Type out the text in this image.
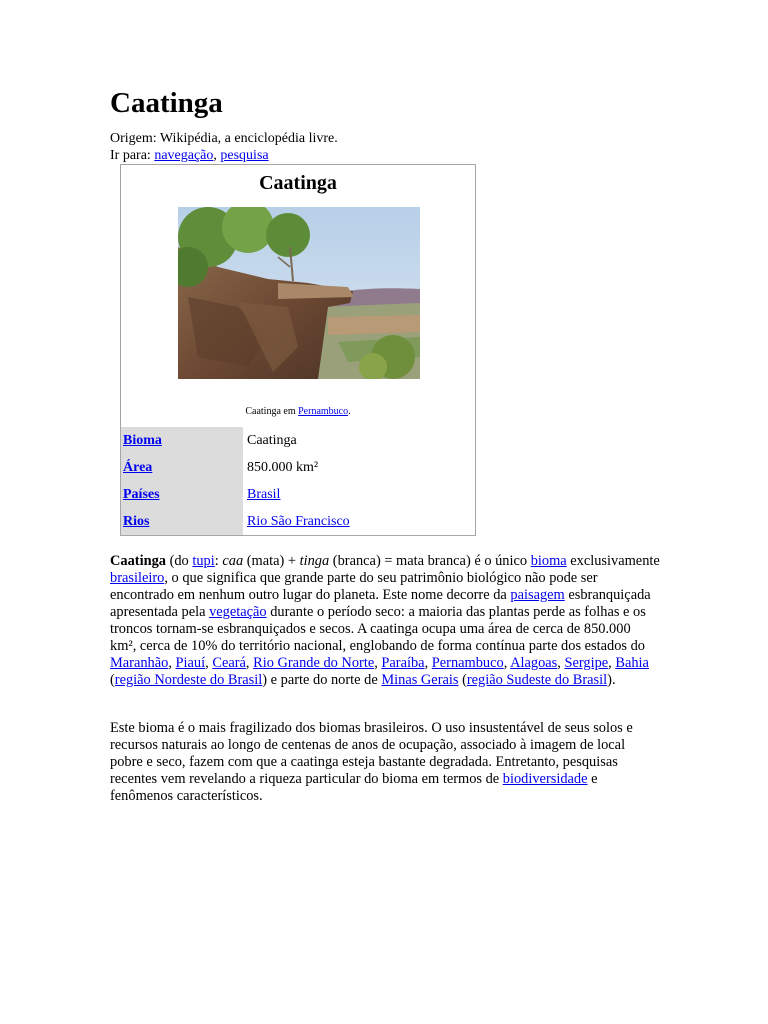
Caatinga
Origem: Wikipédia, a enciclopédia livre.
Ir para: navegação, pesquisa
Caatinga
Caatinga em Pernambuco.
Bioma	Caatinga
Área	850.000 km²
Países	Brasil
Rios	Rio São Francisco

Caatinga (do tupi: caa (mata) + tinga (branca) = mata branca) é o único bioma exclusivamente brasileiro, o que significa que grande parte do seu patrimônio biológico não pode ser encontrado em nenhum outro lugar do planeta. Este nome decorre da paisagem esbranquiçada apresentada pela vegetação durante o período seco: a maioria das plantas perde as folhas e os troncos tornam-se esbranquiçados e secos. A caatinga ocupa uma área de cerca de 850.000 km², cerca de 10% do território nacional, englobando de forma contínua parte dos estados do Maranhão, Piauí, Ceará, Rio Grande do Norte, Paraíba, Pernambuco, Alagoas, Sergipe, Bahia (região Nordeste do Brasil) e parte do norte de Minas Gerais (região Sudeste do Brasil).

Este bioma é o mais fragilizado dos biomas brasileiros. O uso insustentável de seus solos e recursos naturais ao longo de centenas de anos de ocupação, associado à imagem de local pobre e seco, fazem com que a caatinga esteja bastante degradada. Entretanto, pesquisas recentes vem revelando a riqueza particular do bioma em termos de biodiversidade e fenômenos característicos.
